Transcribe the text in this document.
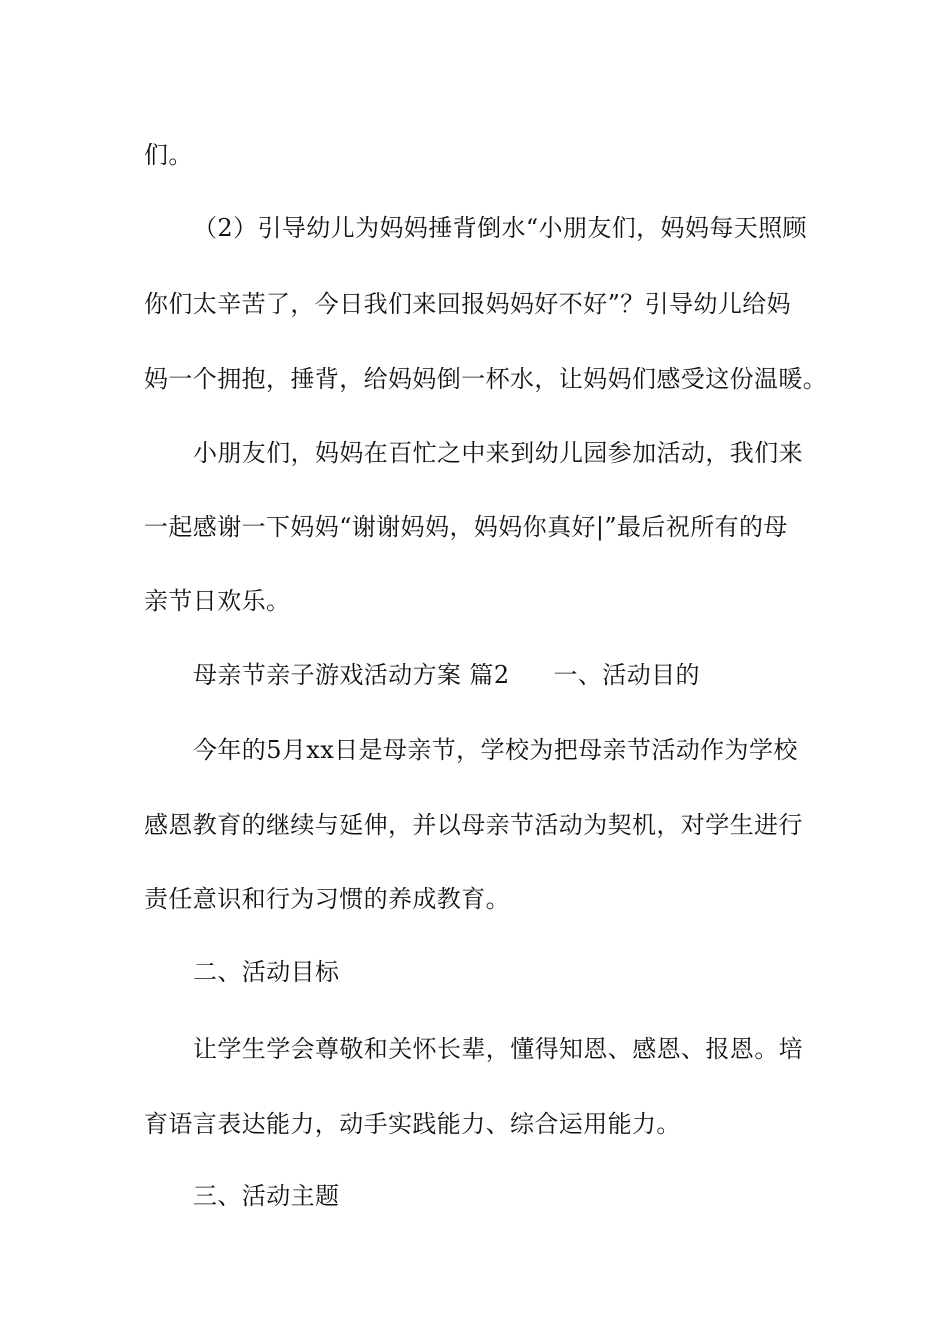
们。
（2）引导幼儿为妈妈捶背倒水“小朋友们，妈妈每天照顾
你们太辛苦了，今日我们来回报妈妈好不好”？引导幼儿给妈
妈一个拥抱，捶背，给妈妈倒一杯水，让妈妈们感受这份温暖。
小朋友们，妈妈在百忙之中来到幼儿园参加活动，我们来
一起感谢一下妈妈“谢谢妈妈，妈妈你真好|”最后祝所有的母
亲节日欢乐。
母亲节亲子游戏活动方案 篇2 一、活动目的
今年的5月xx日是母亲节，学校为把母亲节活动作为学校
感恩教育的继续与延伸，并以母亲节活动为契机，对学生进行
责任意识和行为习惯的养成教育。
二、活动目标
让学生学会尊敬和关怀长辈，懂得知恩、感恩、报恩。培
育语言表达能力，动手实践能力、综合运用能力。
三、活动主题
